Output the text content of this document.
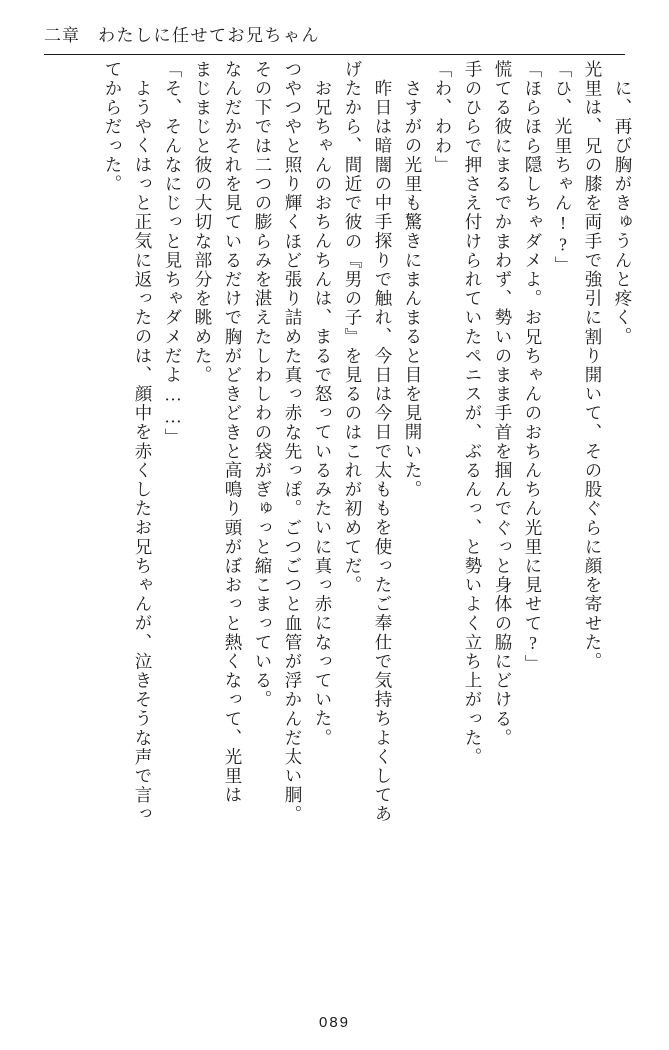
二章 わたしに任せてお兄ちゃん
に、再び胸がきゅうんと疼く。
光里は、兄の膝を両手で強引に割り開いて、その股ぐらに顔を寄せた。
「ひ、光里ちゃん!?」
「ほらほら隠しちゃダメよ。お兄ちゃんのおちんちん光里に見せて?」
慌てる彼にまるでかまわず、勢いのまま手首を掴んでぐっと身体の脇にどける。
手のひらで押さえ付けられていたペニスが、ぶるんっ、と勢いよく立ち上がった。
「わ、わわ」
さすがの光里も驚きにまんまると目を見開いた。
昨日は暗闇の中手探りで触れ、今日は今日で太ももを使ったご奉仕で気持ちよくしてあ
げたから、間近で彼の『男の子』を見るのはこれが初めてだ。
お兄ちゃんのおちんちんは、まるで怒っているみたいに真っ赤になっていた。
つやつやと照り輝くほど張り詰めた真っ赤な先っぽ。ごつごつと血管が浮かんだ太い胴。
その下では二つの膨らみを湛えたしわしわの袋がぎゅっと縮こまっている。
なんだかそれを見ているだけで胸がどきどきと高鳴り頭がぼおっと熱くなって、光里は
まじまじと彼の大切な部分を眺めた。
「そ、そんなにじっと見ちゃダメだよ……」
ようやくはっと正気に返ったのは、顔中を赤くしたお兄ちゃんが、泣きそうな声で言っ
てからだった。
089
